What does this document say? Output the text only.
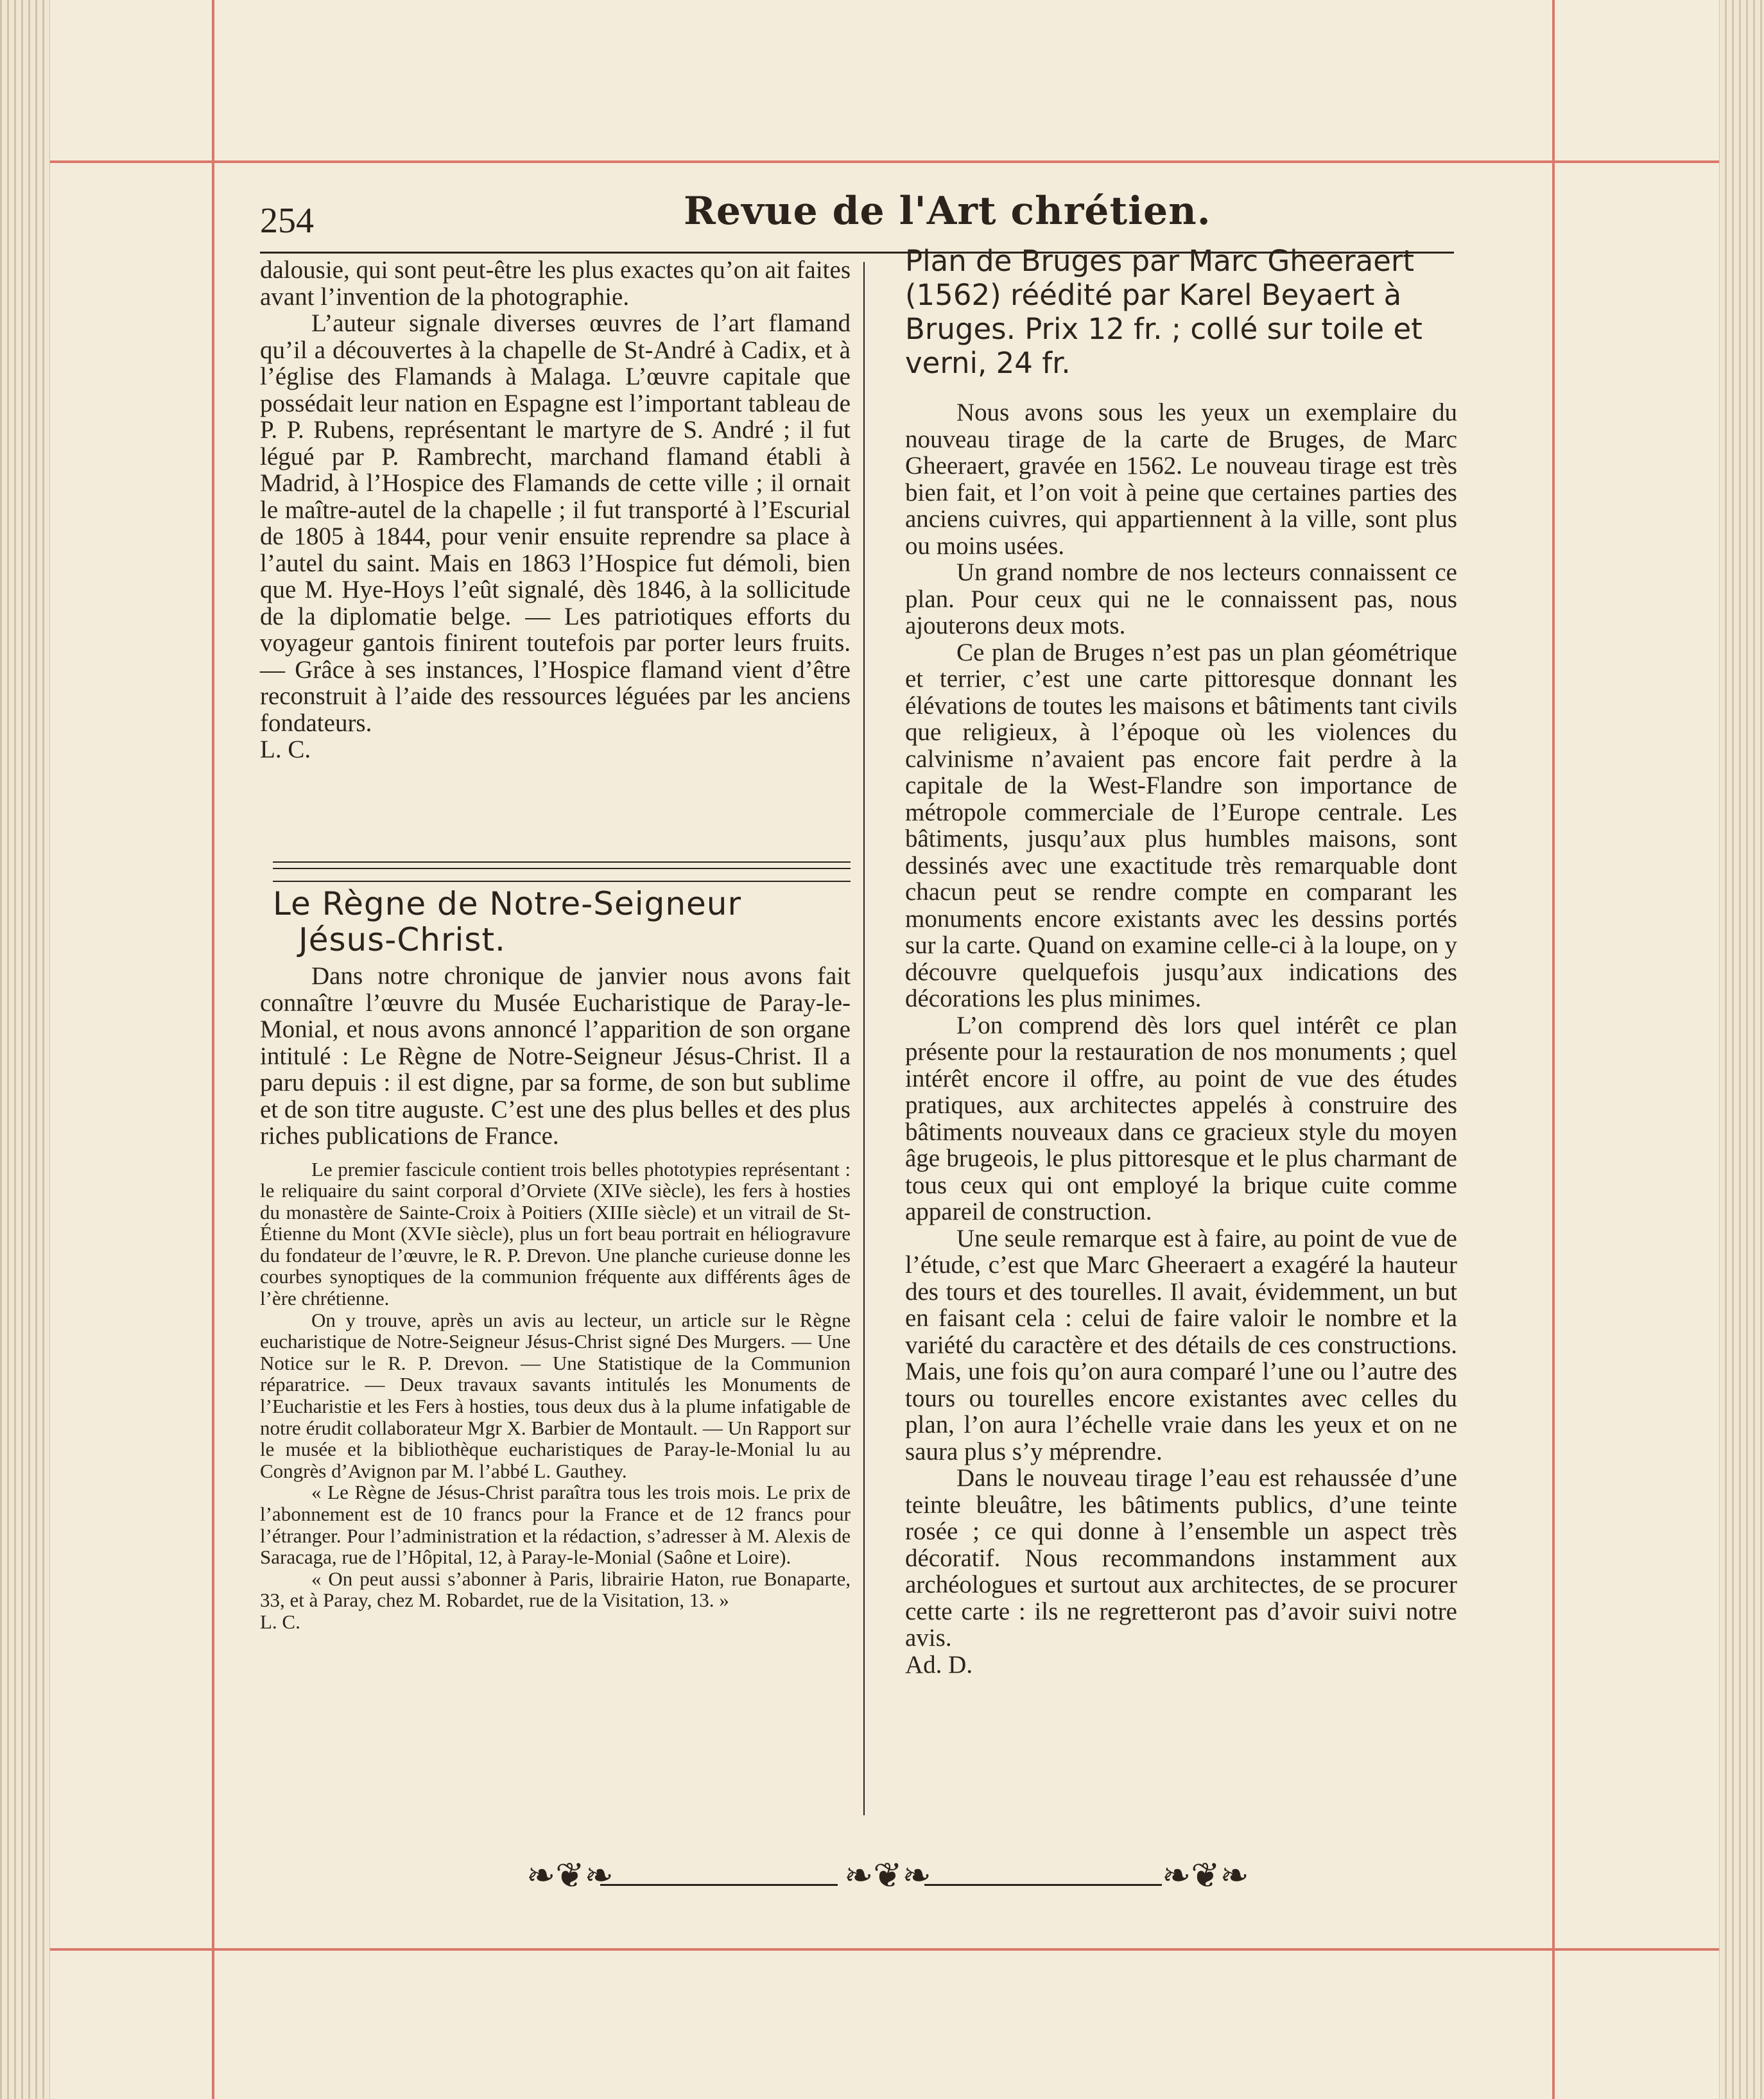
254	Revue de l'Art chrétien.

dalousie, qui sont peut-être les plus exactes qu’on ait faites avant l’invention de la photographie.

L’auteur signale diverses œuvres de l’art flamand qu’il a découvertes à la chapelle de St-André à Cadix, et à l’église des Flamands à Malaga. L’œuvre capitale que possédait leur nation en Espagne est l’important tableau de P. P. Rubens, représentant le martyre de S. André ; il fut légué par P. Rambrecht, marchand flamand établi à Madrid, à l’Hospice des Flamands de cette ville ; il ornait le maître-autel de la chapelle ; il fut transporté à l’Escurial de 1805 à 1844, pour venir ensuite reprendre sa place à l’autel du saint. Mais en 1863 l’Hospice fut démoli, bien que M. Hye-Hoys l’eût signalé, dès 1846, à la sollicitude de la diplomatie belge. — Les patriotiques efforts du voyageur gantois finirent toutefois par porter leurs fruits. — Grâce à ses instances, l’Hospice flamand vient d’être reconstruit à l’aide des ressources léguées par les anciens fondateurs.

L. C.

Le Règne de Notre-Seigneur Jésus-Christ.

Dans notre chronique de janvier nous avons fait connaître l’œuvre du Musée Eucharistique de Paray-le-Monial, et nous avons annoncé l’apparition de son organe intitulé : Le Règne de Notre-Seigneur Jésus-Christ. Il a paru depuis : il est digne, par sa forme, de son but sublime et de son titre auguste. C’est une des plus belles et des plus riches publications de France.

Le premier fascicule contient trois belles phototypies représentant : le reliquaire du saint corporal d’Orviete (XIVe siècle), les fers à hosties du monastère de Sainte-Croix à Poitiers (XIIIe siècle) et un vitrail de St-Étienne du Mont (XVIe siècle), plus un fort beau portrait en héliogravure du fondateur de l’œuvre, le R. P. Drevon. Une planche curieuse donne les courbes synoptiques de la communion fréquente aux différents âges de l’ère chrétienne.

On y trouve, après un avis au lecteur, un article sur le Règne eucharistique de Notre-Seigneur Jésus-Christ signé Des Murgers. — Une Notice sur le R. P. Drevon. — Une Statistique de la Communion réparatrice. — Deux travaux savants intitulés les Monuments de l’Eucharistie et les Fers à hosties, tous deux dus à la plume infatigable de notre érudit collaborateur Mgr X. Barbier de Montault. — Un Rapport sur le musée et la bibliothèque eucharistiques de Paray-le-Monial lu au Congrès d’Avignon par M. l’abbé L. Gauthey.

« Le Règne de Jésus-Christ paraîtra tous les trois mois. Le prix de l’abonnement est de 10 francs pour la France et de 12 francs pour l’étranger. Pour l’administration et la rédaction, s’adresser à M. Alexis de Saracaga, rue de l’Hôpital, 12, à Paray-le-Monial (Saône et Loire).

« On peut aussi s’abonner à Paris, librairie Haton, rue Bonaparte, 33, et à Paray, chez M. Robardet, rue de la Visitation, 13. »

L. C.

Plan de Bruges par Marc Gheeraert (1562) réédité par Karel Beyaert à Bruges. Prix 12 fr. ; collé sur toile et verni, 24 fr.

Nous avons sous les yeux un exemplaire du nouveau tirage de la carte de Bruges, de Marc Gheeraert, gravée en 1562. Le nouveau tirage est très bien fait, et l’on voit à peine que certaines parties des anciens cuivres, qui appartiennent à la ville, sont plus ou moins usées.

Un grand nombre de nos lecteurs connaissent ce plan. Pour ceux qui ne le connaissent pas, nous ajouterons deux mots.

Ce plan de Bruges n’est pas un plan géométrique et terrier, c’est une carte pittoresque donnant les élévations de toutes les maisons et bâtiments tant civils que religieux, à l’époque où les violences du calvinisme n’avaient pas encore fait perdre à la capitale de la West-Flandre son importance de métropole commerciale de l’Europe centrale. Les bâtiments, jusqu’aux plus humbles maisons, sont dessinés avec une exactitude très remarquable dont chacun peut se rendre compte en comparant les monuments encore existants avec les dessins portés sur la carte. Quand on examine celle-ci à la loupe, on y découvre quelquefois jusqu’aux indications des décorations les plus minimes.

L’on comprend dès lors quel intérêt ce plan présente pour la restauration de nos monuments ; quel intérêt encore il offre, au point de vue des études pratiques, aux architectes appelés à construire des bâtiments nouveaux dans ce gracieux style du moyen âge brugeois, le plus pittoresque et le plus charmant de tous ceux qui ont employé la brique cuite comme appareil de construction.

Une seule remarque est à faire, au point de vue de l’étude, c’est que Marc Gheeraert a exagéré la hauteur des tours et des tourelles. Il avait, évidemment, un but en faisant cela : celui de faire valoir le nombre et la variété du caractère et des détails de ces constructions. Mais, une fois qu’on aura comparé l’une ou l’autre des tours ou tourelles encore existantes avec celles du plan, l’on aura l’échelle vraie dans les yeux et on ne saura plus s’y méprendre.

Dans le nouveau tirage l’eau est rehaussée d’une teinte bleuâtre, les bâtiments publics, d’une teinte rosée ; ce qui donne à l’ensemble un aspect très décoratif. Nous recommandons instamment aux archéologues et surtout aux architectes, de se procurer cette carte : ils ne regretteront pas d’avoir suivi notre avis.

Ad. D.

❧❦❧	❧❦❧	❧❦❧
